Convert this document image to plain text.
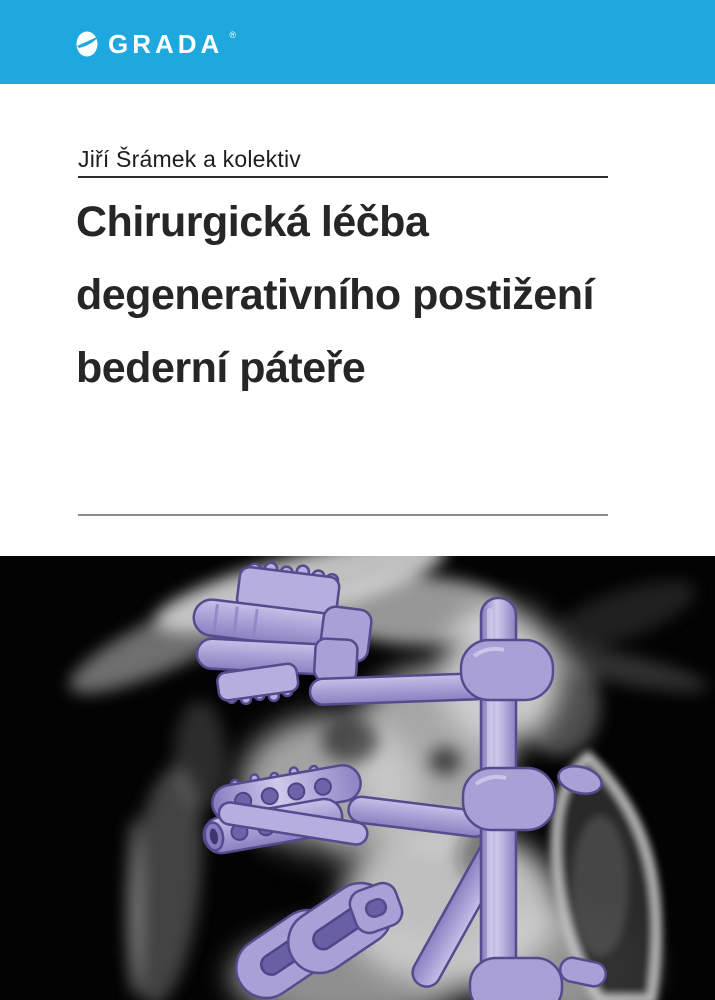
GRADA ®
Jiří Šrámek a kolektiv
Chirurgická léčba
degenerativního postižení
bederní páteře
